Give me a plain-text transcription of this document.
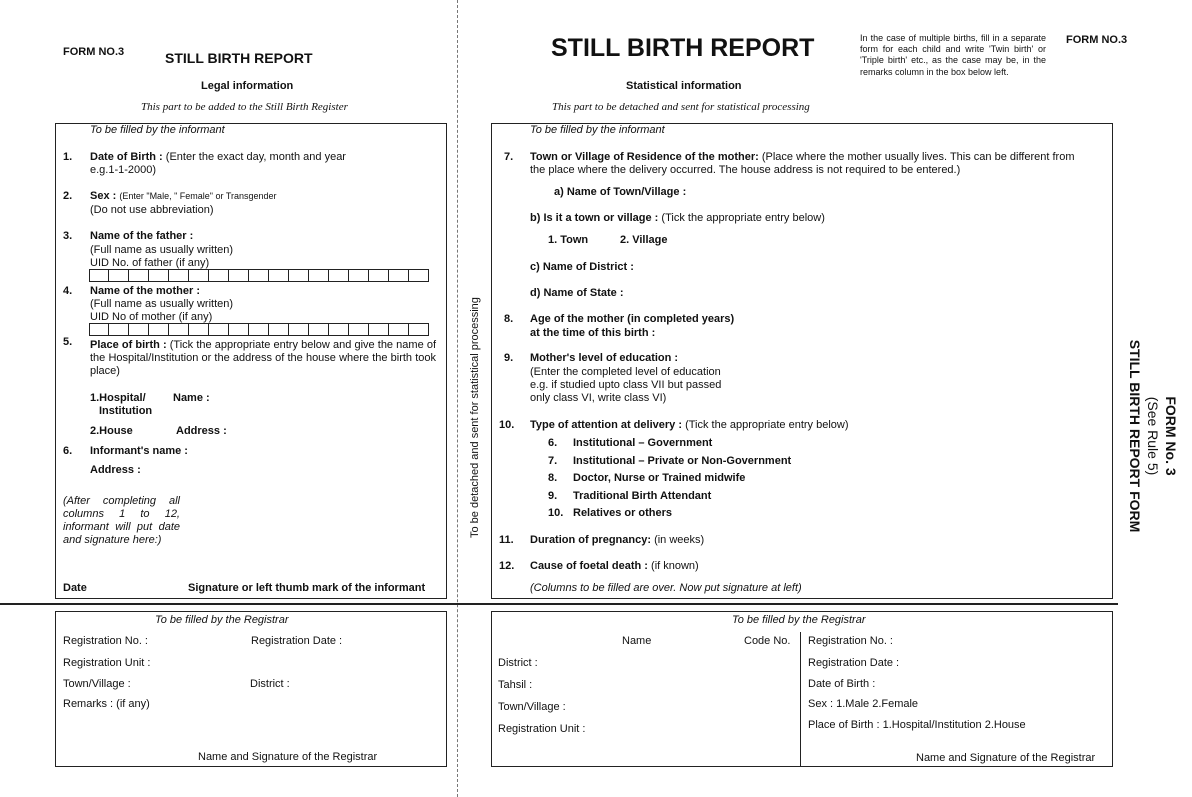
FORM NO.3	STILL BIRTH REPORT
Legal information
This part to be added to the Still Birth Register
STILL BIRTH REPORT	In the case of multiple births, fill in a separate form for each child and write 'Twin birth' or 'Triple birth' etc., as the case may be, in the remarks column in the box below left.
FORM NO.3
Statistical information
This part to be detached and sent for statistical processing
To be detached and sent for statistical processing
To be filled by the informant
1. Date of Birth : (Enter the exact day, month and year
e.g.1-1-2000)
2. Sex : (Enter "Male, " Female" or Transgender
(Do not use abbreviation)
3. Name of the father :
(Full name as usually written)
UID No. of father (if any)
4. Name of the mother :
(Full name as usually written)
UID No of mother (if any)
5. Place of birth : (Tick the appropriate entry below and give the name of the Hospital/Institution or the address of the house where the birth took place)
1.Hospital/
Institution
Name :
2.House	Address :
6. Informant's name :
Address :
(After completing all columns 1 to 12, informant will put date and signature here:)
Date	Signature or left thumb mark of the informant
To be filled by the informant
7. Town or Village of Residence of the mother: (Place where the mother usually lives. This can be different from
the place where the delivery occurred. The house address is not required to be entered.)
a) Name of Town/Village :
b) Is it a town or village : (Tick the appropriate entry below)
1. Town	2. Village
c) Name of District :
d) Name of State :
8. Age of the mother (in completed years)
at the time of this birth :
9. Mother's level of education :
(Enter the completed level of education
e.g. if studied upto class VII but passed
only class VI, write class VI)
10. Type of attention at delivery : (Tick the appropriate entry below)
6. Institutional – Government
7. Institutional – Private or Non-Government
8. Doctor, Nurse or Trained midwife
9. Traditional Birth Attendant
10. Relatives or others
11. Duration of pregnancy: (in weeks)
12. Cause of foetal death : (if known)
(Columns to be filled are over. Now put signature at left)
To be filled by the Registrar
Registration No. :	Registration Date :
Registration Unit :
Town/Village :	District :
Remarks : (if any)
Name and Signature of the Registrar
To be filled by the Registrar
Name	Code No.
District :
Tahsil :
Town/Village :
Registration Unit :
Registration No. :
Registration Date :
Date of Birth :
Sex : 1.Male 2.Female
Place of Birth : 1.Hospital/Institution 2.House
Name and Signature of the Registrar
FORM No. 3
(See Rule 5)
STILL BIRTH REPORT FORM
